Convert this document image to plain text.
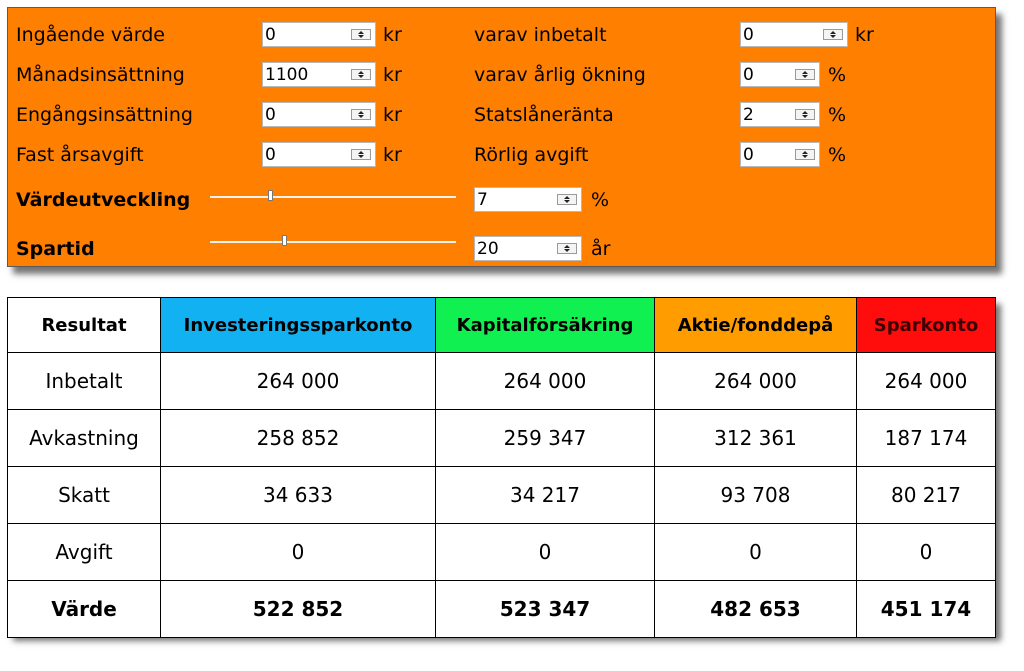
Ingående värde
0	kr
Månadsinsättning
1100	kr
Engångsinsättning
0	kr
Fast årsavgift
0	kr
varav inbetalt
0	kr
varav årlig ökning
0	%
Statslåneränta
2	%
Rörlig avgift
0	%
Värdeutveckling
7	%
Spartid
20	år
Resultat	Investeringssparkonto	Kapitalförsäkring	Aktie/fonddepå	Sparkonto
Inbetalt	264 000	264 000	264 000	264 000
Avkastning	258 852	259 347	312 361	187 174
Skatt	34 633	34 217	93 708	80 217
Avgift	0	0	0	0
Värde	522 852	523 347	482 653	451 174
